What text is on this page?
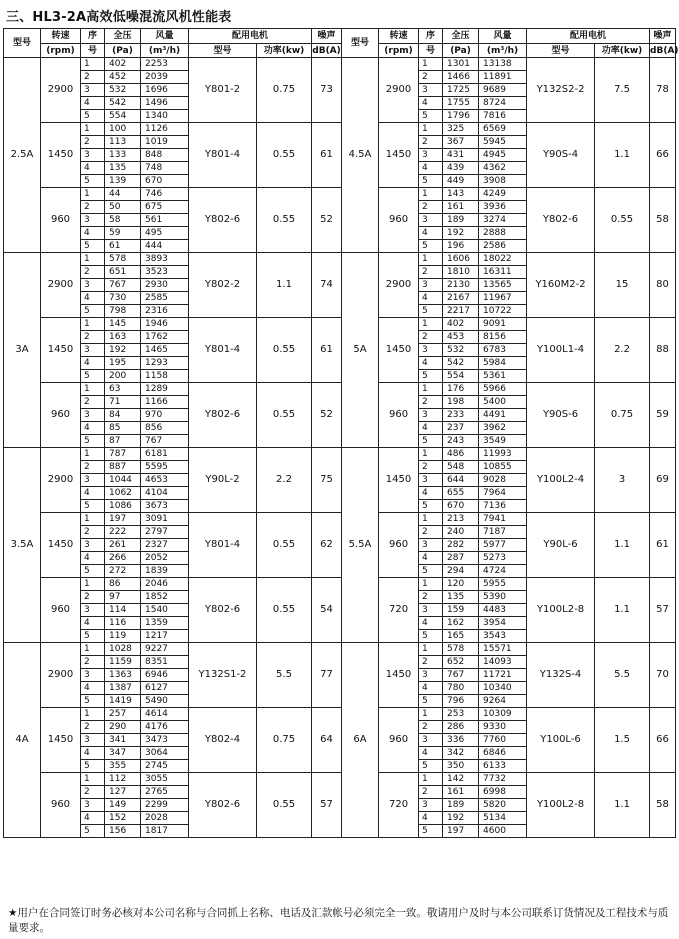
三、HL3-2A高效低噪混流风机性能表
型号	转速	序	全压	风量	配用电机		噪声	型号	转速	序	全压	风量	配用电机		噪声
	(rpm)	号	(Pa)	(m³/h)	型号	功率(kw)	dB(A)		(rpm)	号	(Pa)	(m³/h)	型号	功率(kw)	dB(A)
2.5A	2900	1	402	2253	Y801-2	0.75	73	4.5A	2900	1	1301	13138	Y132S2-2	7.5	78
		2	452	2039						2	1466	11891			
		3	532	1696						3	1725	9689			
		4	542	1496						4	1755	8724			
		5	554	1340						5	1796	7816			
	1450	1	100	1126	Y801-4	0.55	61		1450	1	325	6569	Y90S-4	1.1	66
		2	113	1019						2	367	5945			
		3	133	848						3	431	4945			
		4	135	748						4	439	4362			
		5	139	670						5	449	3908			
	960	1	44	746	Y802-6	0.55	52		960	1	143	4249	Y802-6	0.55	58
		2	50	675						2	161	3936			
		3	58	561						3	189	3274			
		4	59	495						4	192	2888			
		5	61	444						5	196	2586			
3A	2900	1	578	3893	Y802-2	1.1	74	5A	2900	1	1606	18022	Y160M2-2	15	80
		2	651	3523						2	1810	16311			
		3	767	2930						3	2130	13565			
		4	730	2585						4	2167	11967			
		5	798	2316						5	2217	10722			
	1450	1	145	1946	Y801-4	0.55	61		1450	1	402	9091	Y100L1-4	2.2	88
		2	163	1762						2	453	8156			
		3	192	1465						3	532	6783			
		4	195	1293						4	542	5984			
		5	200	1158						5	554	5361			
	960	1	63	1289	Y802-6	0.55	52		960	1	176	5966	Y90S-6	0.75	59
		2	71	1166						2	198	5400			
		3	84	970						3	233	4491			
		4	85	856						4	237	3962			
		5	87	767						5	243	3549			
3.5A	2900	1	787	6181	Y90L-2	2.2	75	5.5A	1450	1	486	11993	Y100L2-4	3	69
		2	887	5595						2	548	10855			
		3	1044	4653						3	644	9028			
		4	1062	4104						4	655	7964			
		5	1086	3673						5	670	7136			
	1450	1	197	3091	Y801-4	0.55	62		960	1	213	7941	Y90L-6	1.1	61
		2	222	2797						2	240	7187			
		3	261	2327						3	282	5977			
		4	266	2052						4	287	5273			
		5	272	1839						5	294	4724			
	960	1	86	2046	Y802-6	0.55	54		720	1	120	5955	Y100L2-8	1.1	57
		2	97	1852						2	135	5390			
		3	114	1540						3	159	4483			
		4	116	1359						4	162	3954			
		5	119	1217						5	165	3543			
4A	2900	1	1028	9227	Y132S1-2	5.5	77	6A	1450	1	578	15571	Y132S-4	5.5	70
		2	1159	8351						2	652	14093			
		3	1363	6946						3	767	11721			
		4	1387	6127						4	780	10340			
		5	1419	5490						5	796	9264			
	1450	1	257	4614	Y802-4	0.75	64		960	1	253	10309	Y100L-6	1.5	66
		2	290	4176						2	286	9330			
		3	341	3473						3	336	7760			
		4	347	3064						4	342	6846			
		5	355	2745						5	350	6133			
	960	1	112	3055	Y802-6	0.55	57		720	1	142	7732	Y100L2-8	1.1	58
		2	127	2765						2	161	6998			
		3	149	2299						3	189	5820			
		4	152	2028						4	192	5134			
		5	156	1817						5	197	4600			
★用户在合同签订时务必核对本公司名称与合同抓上名称、电话及汇款帐号必须完全一致。敬请用户及时与本公司联系订货情况及工程技术与质量要求。
